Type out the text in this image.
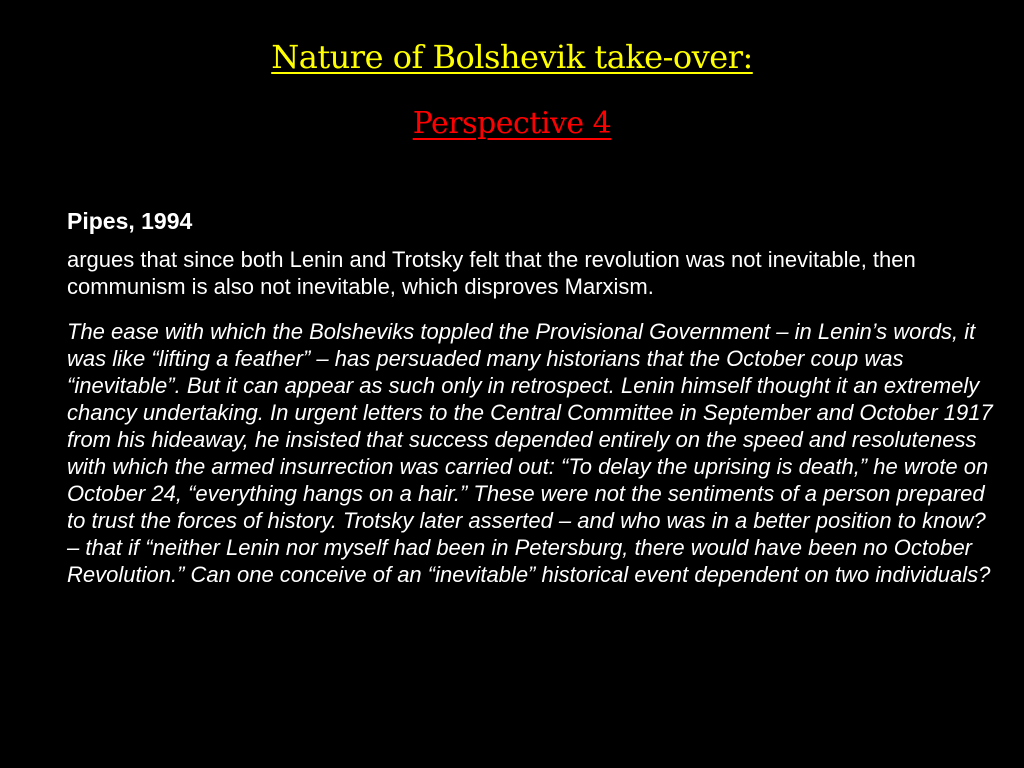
Nature of Bolshevik take-over:
Perspective 4
Pipes, 1994

argues that since both Lenin and Trotsky felt that the revolution was not inevitable, then communism is also not inevitable, which disproves Marxism.

The ease with which the Bolsheviks toppled the Provisional Government – in Lenin’s words, it was like “lifting a feather” – has persuaded many historians that the October coup was “inevitable”. But it can appear as such only in retrospect. Lenin himself thought it an extremely chancy undertaking. In urgent letters to the Central Committee in September and October 1917 from his hideaway, he insisted that success depended entirely on the speed and resoluteness with which the armed insurrection was carried out: “To delay the uprising is death,” he wrote on October 24, “everything hangs on a hair.” These were not the sentiments of a person prepared to trust the forces of history. Trotsky later asserted – and who was in a better position to know? – that if “neither Lenin nor myself had been in Petersburg, there would have been no October Revolution.” Can one conceive of an “inevitable” historical event dependent on two individuals?
